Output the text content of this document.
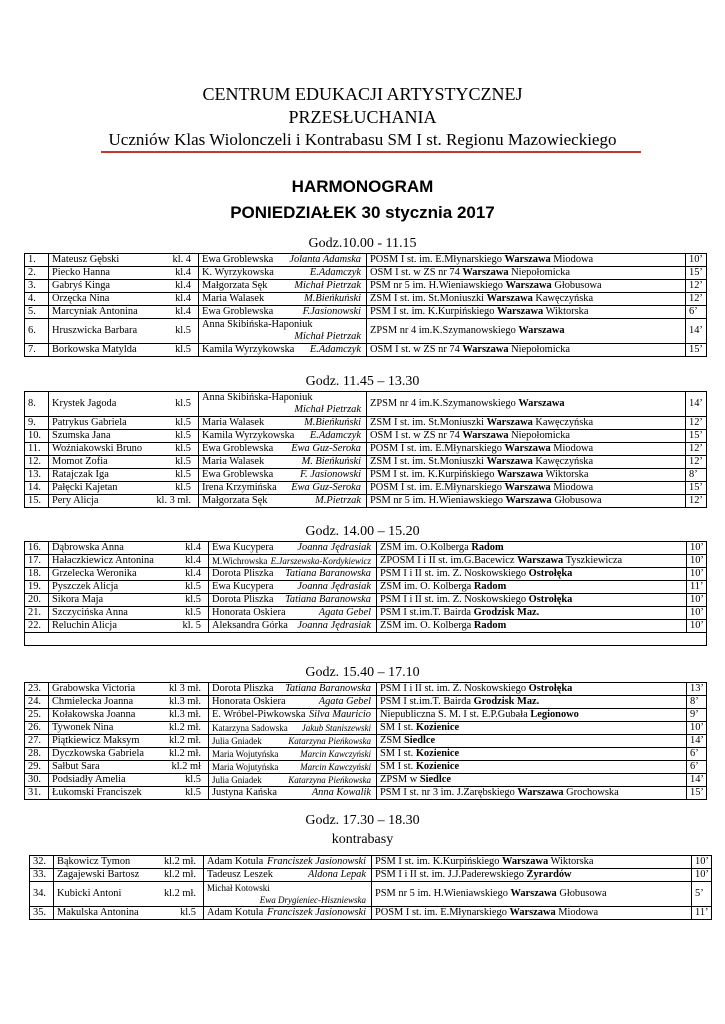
CENTRUM EDUKACJI ARTYSTYCZNEJ
PRZESŁUCHANIA
Uczniów Klas Wiolonczeli i Kontrabasu SM I st. Regionu Mazowieckiego
HARMONOGRAM
PONIEDZIAŁEK 30 stycznia 2017
Godz.10.00 - 11.15
1.	Mateusz Gębski kl. 4	Ewa Groblewska Jolanta Adamska	POSM I st. im. E.Młynarskiego Warszawa Miodowa	10’
2.	Piecko Hanna kl.4	K. Wyrzykowska E.Adamczyk	OSM I st. w ZS nr 74 Warszawa Niepołomicka	15’
3.	Gabryś Kinga kl.4	Małgorzata Sęk Michał Pietrzak	PSM nr 5 im. H.Wieniawskiego Warszawa Głobusowa	12’
4.	Orzęcka Nina kl.4	Maria Walasek M.Bieńkuński	ZSM I st. im. St.Moniuszki Warszawa Kawęczyńska	12’
5.	Marcyniak Antonina kl.4	Ewa Groblewska F.Jasionowski	PSM I st. im. K.Kurpińskiego Warszawa Wiktorska	6’
6.	Hruszwicka Barbara kl.5	Anna Skibińska-Haponiuk
Michał Pietrzak	ZPSM nr 4 im.K.Szymanowskiego Warszawa	14’
7.	Borkowska Matylda kl.5	Kamila Wyrzykowska E.Adamczyk	OSM I st. w ZS nr 74 Warszawa Niepołomicka	15’
Godz. 11.45 – 13.30
8.	Krystek Jagoda kl.5	Anna Skibińska-Haponiuk
Michał Pietrzak	ZPSM nr 4 im.K.Szymanowskiego Warszawa	14’
9.	Patrykus Gabriela kl.5	Maria Walasek M.Bieńkuński	ZSM I st. im. St.Moniuszki Warszawa Kawęczyńska	12’
10.	Szumska Jana kl.5	Kamila Wyrzykowska E.Adamczyk	OSM I st. w ZS nr 74 Warszawa Niepołomicka	15’
11.	Woźniakowski Bruno kl.5	Ewa Groblewska Ewa Guz-Seroka	POSM I st. im. E.Młynarskiego Warszawa Miodowa	12’
12.	Momot Zofia kl.5	Maria Walasek M. Bieńkuński	ZSM I st. im. St.Moniuszki Warszawa Kawęczyńska	12’
13.	Ratajczak Iga kl.5	Ewa Groblewska F. Jasionowski	PSM I st. im. K.Kurpińskiego Warszawa Wiktorska	8’
14.	Pałęcki Kajetan kl.5	Irena Krzymińska Ewa Guz-Seroka	POSM I st. im. E.Młynarskiego Warszawa Miodowa	15’
15.	Pery Alicja kl. 3 mł.	Małgorzata Sęk M.Pietrzak	PSM nr 5 im. H.Wieniawskiego Warszawa Głobusowa	12’
Godz. 14.00 – 15.20
16.	Dąbrowska Anna kl.4	Ewa Kucypera Joanna Jędrasiak	ZSM im. O.Kolberga Radom	10’
17.	Hałaczkiewicz Antonina kl.4	M.Wichrowska E.Jarszewska-Kordykiewicz	ZPOSM I i II st. im.G.Bacewicz Warszawa Tyszkiewicza	10’
18.	Grzelecka Weronika kl.4	Dorota Pliszka Tatiana Baranowska	PSM I i II st. im. Z. Noskowskiego Ostrołęka	10’
19.	Pyszczek Alicja kl.5	Ewa Kucypera Joanna Jędrasiak	ZSM im. O. Kolberga Radom	11’
20.	Sikora Maja kl.5	Dorota Pliszka Tatiana Baranowska	PSM I i II st. im. Z. Noskowskiego Ostrołęka	10’
21.	Szczycińska Anna kl.5	Honorata Oskiera Agata Gebel	PSM I st.im.T. Bairda Grodzisk Maz.	10’
22.	Reluchin Alicja kl. 5	Aleksandra Górka Joanna Jędrasiak	ZSM im. O. Kolberga Radom	10’

Godz. 15.40 – 17.10
23.	Grabowska Victoria kl 3 mł.	Dorota Pliszka Tatiana Baranowska	PSM I i II st. im. Z. Noskowskiego Ostrołęka	13’
24.	Chmielecka Joanna kl.3 mł.	Honorata Oskiera Agata Gebel	PSM I st.im.T. Bairda Grodzisk Maz.	8’
25.	Kołakowska Joanna kl.3 mł.	E. Wróbel-Piwkowska Silva Mauricio	Niepubliczna S. M. I st. E.P.Gubała Legionowo	9’
26.	Tywonek Nina kl.2 mł.	Katarzyna Sadowska Jakub Staniszewski	SM I st. Kozienice	10’
27.	Piątkiewicz Maksym kl.2 mł.	Julia Gniadek Katarzyna Pieńkowska	ZSM Siedlce	14’
28.	Dyczkowska Gabriela kl.2 mł.	Maria Wojutyńska Marcin Kawczyński	SM I st. Kozienice	6’
29.	Sałbut Sara kl.2 mł	Maria Wojutyńska Marcin Kawczyński	SM I st. Kozienice	6’
30.	Podsiadły Amelia kl.5	Julia Gniadek Katarzyna Pieńkowska	ZPSM w Siedlce	14’
31.	Łukomski Franciszek kl.5	Justyna Kańska Anna Kowalik	PSM I st. nr 3 im. J.Zarębskiego Warszawa Grochowska	15’
Godz. 17.30 – 18.30
kontrabasy
32.	Bąkowicz Tymon kl.2 mł.	Adam Kotula Franciszek Jasionowski	PSM I st. im. K.Kurpińskiego Warszawa Wiktorska	10’
33.	Zagajewski Bartosz kl.2 mł.	Tadeusz Leszek Aldona Lepak	PSM I i II st. im. J.J.Paderewskiego Żyrardów	10’
34.	Kubicki Antoni kl.2 mł.	Michał Kotowski
Ewa Drygieniec-Hiszniewska	PSM nr 5 im. H.Wieniawskiego Warszawa Głobusowa	5’
35.	Makulska Antonina kl.5	Adam Kotula Franciszek Jasionowski	POSM I st. im. E.Młynarskiego Warszawa Miodowa	11’
